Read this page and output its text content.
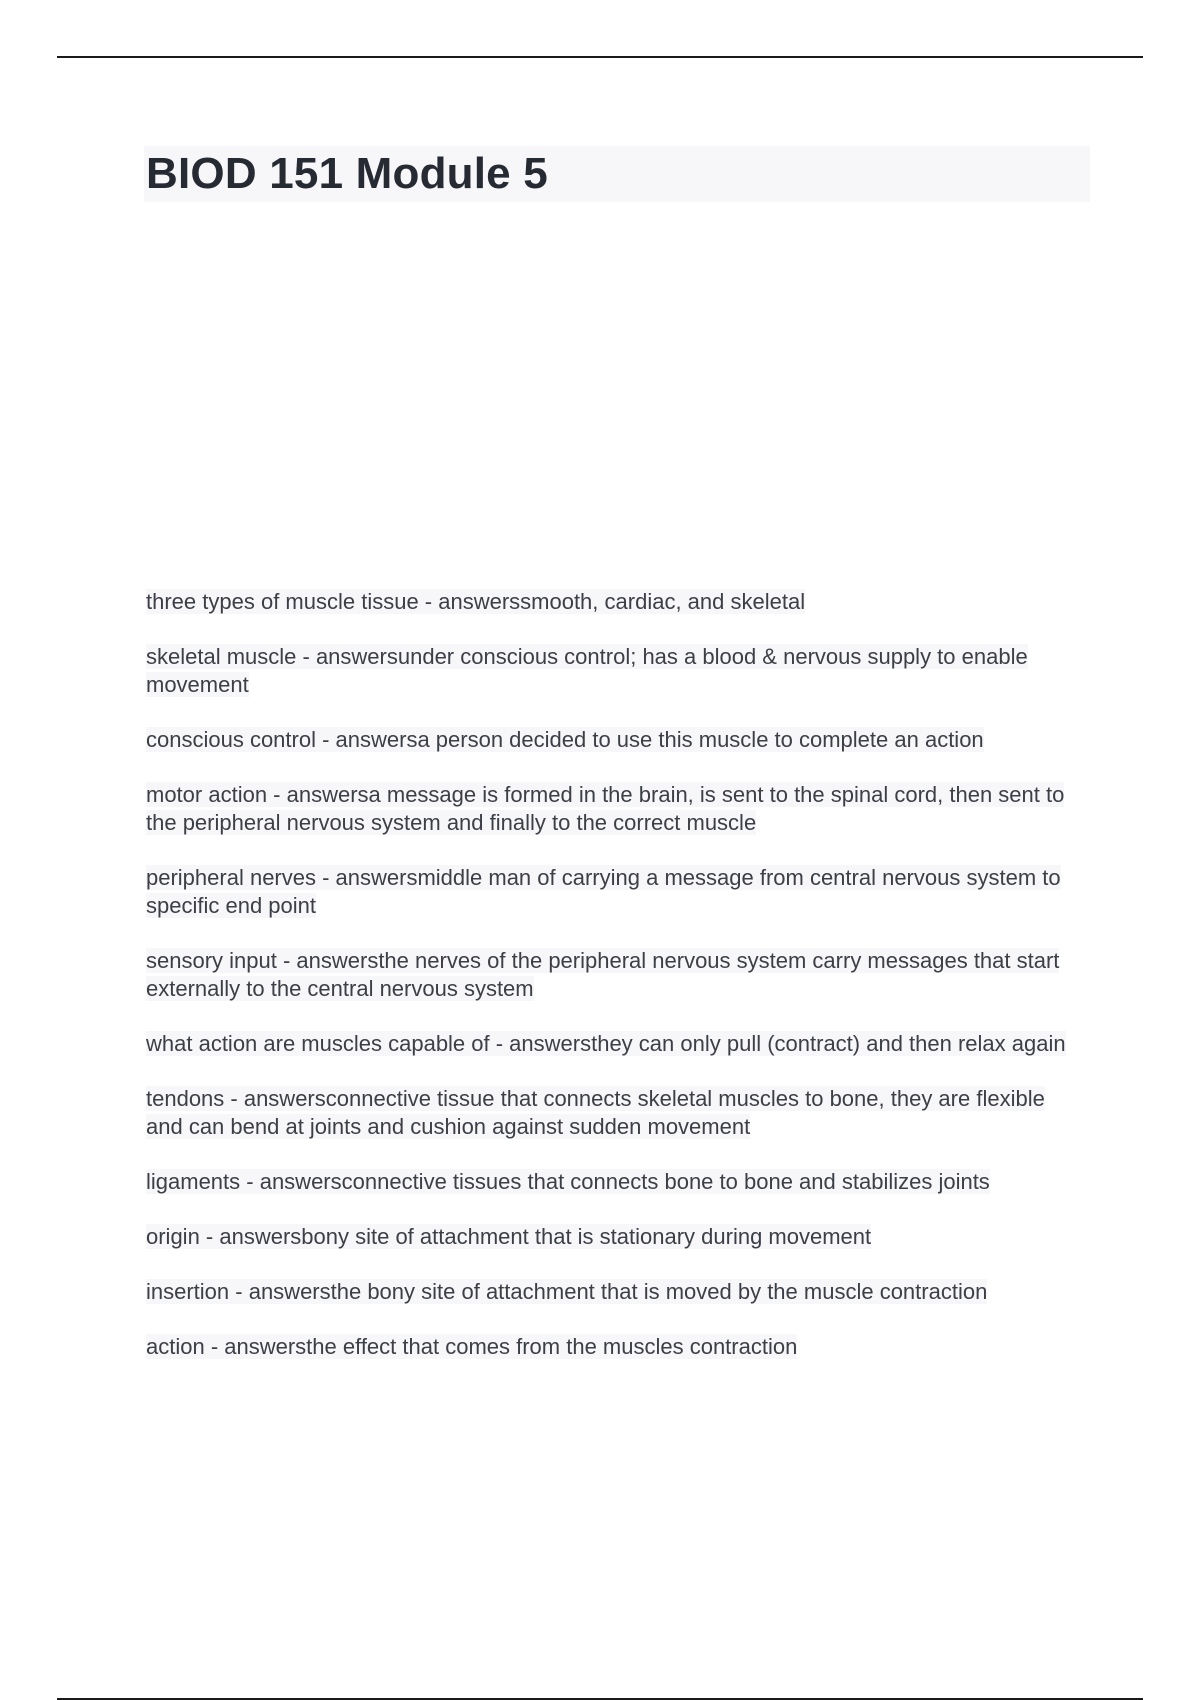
BIOD 151 Module 5
three types of muscle tissue - answerssmooth, cardiac, and skeletal
skeletal muscle - answersunder conscious control; has a blood & nervous supply to enable movement
conscious control - answersa person decided to use this muscle to complete an action
motor action - answersa message is formed in the brain, is sent to the spinal cord, then sent to the peripheral nervous system and finally to the correct muscle
peripheral nerves - answersmiddle man of carrying a message from central nervous system to specific end point
sensory input - answersthe nerves of the peripheral nervous system carry messages that start externally to the central nervous system
what action are muscles capable of - answersthey can only pull (contract) and then relax again
tendons - answersconnective tissue that connects skeletal muscles to bone, they are flexible and can bend at joints and cushion against sudden movement
ligaments - answersconnective tissues that connects bone to bone and stabilizes joints
origin - answersbony site of attachment that is stationary during movement
insertion - answersthe bony site of attachment that is moved by the muscle contraction
action - answersthe effect that comes from the muscles contraction
